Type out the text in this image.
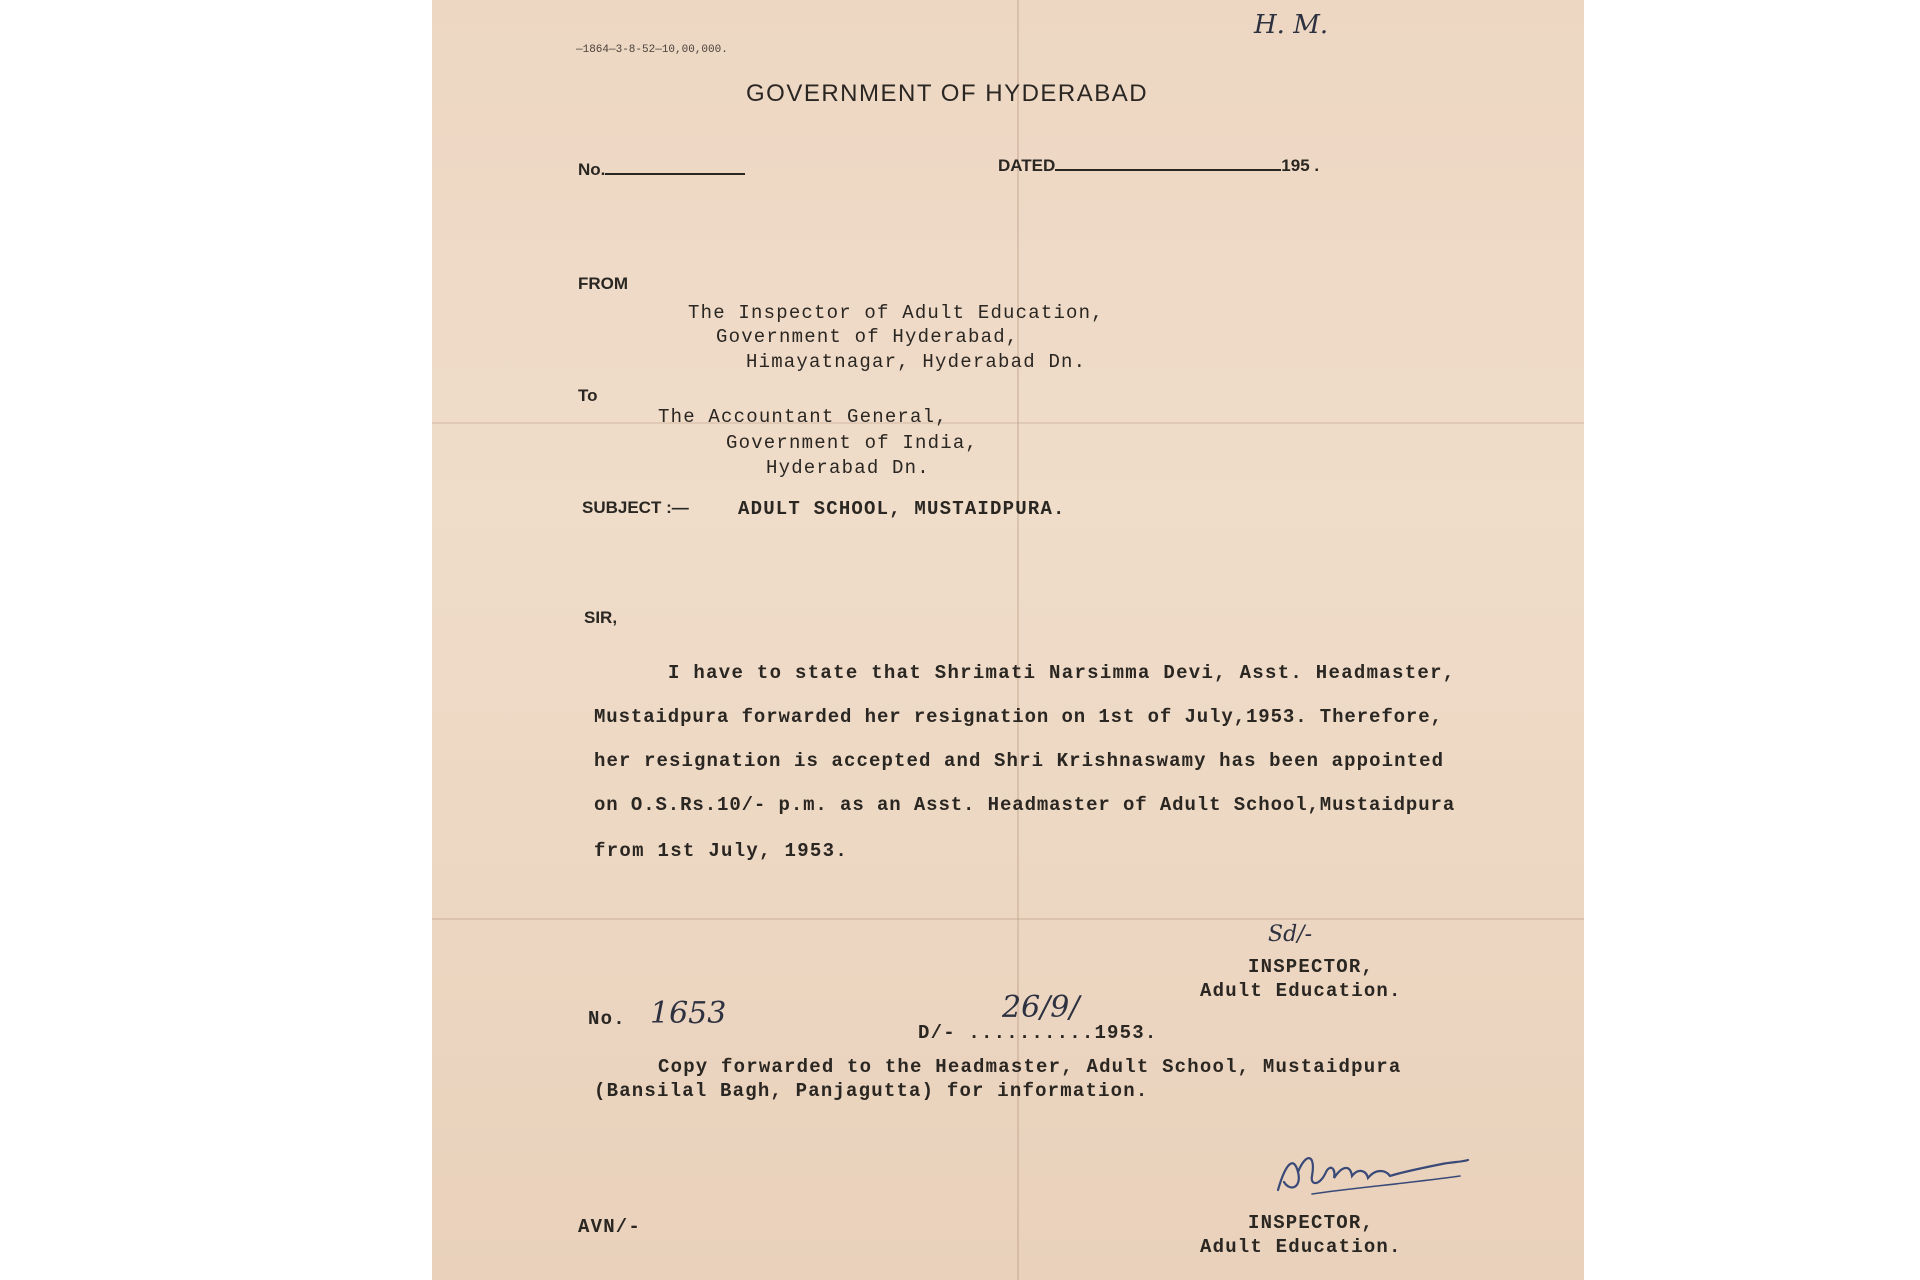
—1864—3-8-52—10,00,000.
H. M.
GOVERNMENT OF HYDERABAD
No.	DATED	195 .
FROM
The Inspector of Adult Education,
Government of Hyderabad,
Himayatnagar, Hyderabad Dn.
To
The Accountant General,
Government of India,
Hyderabad Dn.
SUBJECT :—	ADULT SCHOOL, MUSTAIDPURA.
SIR,
I have to state that Shrimati Narsimma Devi, Asst. Headmaster,
Mustaidpura forwarded her resignation on 1st of July,1953. Therefore,
her resignation is accepted and Shri Krishnaswamy has been appointed
on O.S.Rs.10/- p.m. as an Asst. Headmaster of Adult School,Mustaidpura
from 1st July, 1953.
Sd/-
INSPECTOR,
Adult Education.
No. 1653
D/- ..........1953.
26/9/
Copy forwarded to the Headmaster, Adult School, Mustaidpura
(Bansilal Bagh, Panjagutta) for information.
AVN/-	INSPECTOR,
Adult Education.
